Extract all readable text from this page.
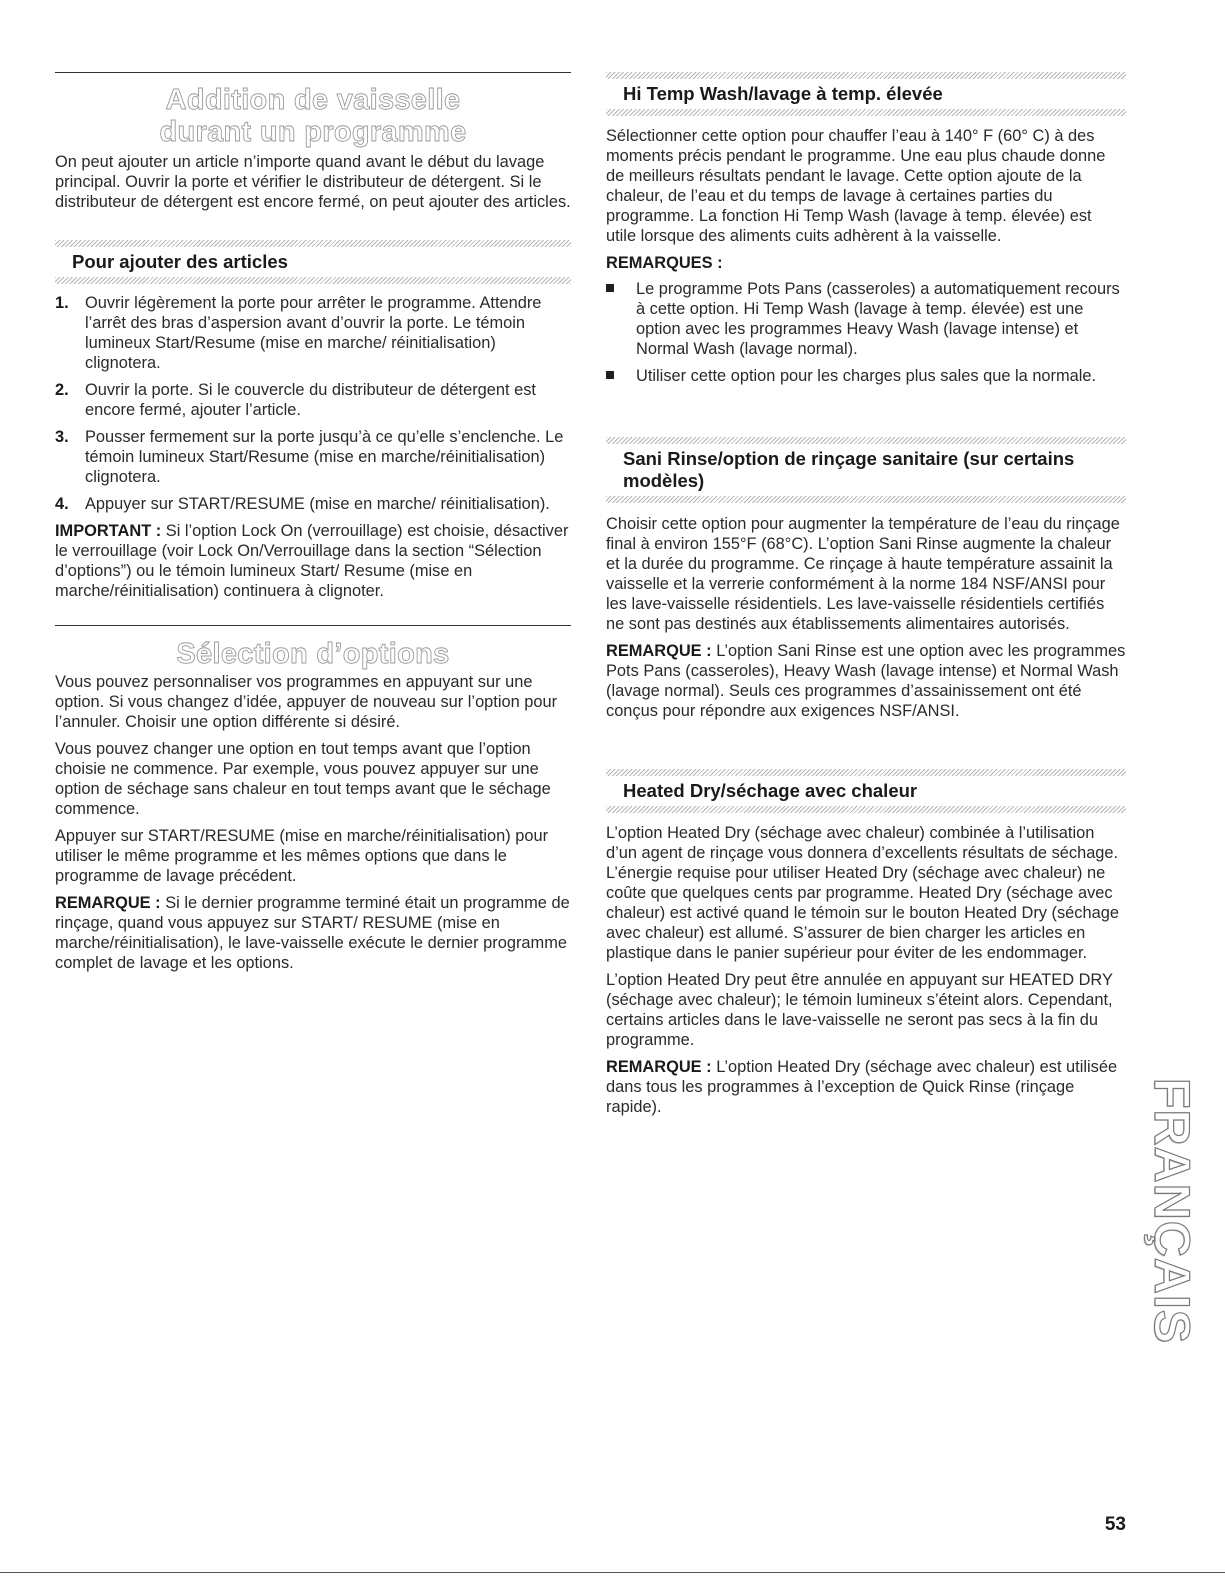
Addition de vaisselle
durant un programme

On peut ajouter un article n’importe quand avant le début du lavage principal. Ouvrir la porte et vérifier le distributeur de détergent. Si le distributeur de détergent est encore fermé, on peut ajouter des articles.

Pour ajouter des articles
1. Ouvrir légèrement la porte pour arrêter le programme. Attendre l’arrêt des bras d’aspersion avant d’ouvrir la porte. Le témoin lumineux Start/Resume (mise en marche/ réinitialisation) clignotera.
2. Ouvrir la porte. Si le couvercle du distributeur de détergent est encore fermé, ajouter l’article.
3. Pousser fermement sur la porte jusqu’à ce qu’elle s’enclenche. Le témoin lumineux Start/Resume (mise en marche/réinitialisation) clignotera.
4. Appuyer sur START/RESUME (mise en marche/ réinitialisation).

IMPORTANT : Si l’option Lock On (verrouillage) est choisie, désactiver le verrouillage (voir Lock On/Verrouillage dans la section “Sélection d’options”) ou le témoin lumineux Start/ Resume (mise en marche/réinitialisation) continuera à clignoter.

Sélection d’options

Vous pouvez personnaliser vos programmes en appuyant sur une option. Si vous changez d’idée, appuyer de nouveau sur l’option pour l’annuler. Choisir une option différente si désiré.

Vous pouvez changer une option en tout temps avant que l’option choisie ne commence. Par exemple, vous pouvez appuyer sur une option de séchage sans chaleur en tout temps avant que le séchage commence.

Appuyer sur START/RESUME (mise en marche/réinitialisation) pour utiliser le même programme et les mêmes options que dans le programme de lavage précédent.

REMARQUE : Si le dernier programme terminé était un programme de rinçage, quand vous appuyez sur START/ RESUME (mise en marche/réinitialisation), le lave-vaisselle exécute le dernier programme complet de lavage et les options.

Hi Temp Wash/lavage à temp. élevée

Sélectionner cette option pour chauffer l’eau à 140° F (60° C) à des moments précis pendant le programme. Une eau plus chaude donne de meilleurs résultats pendant le lavage. Cette option ajoute de la chaleur, de l’eau et du temps de lavage à certaines parties du programme. La fonction Hi Temp Wash (lavage à temp. élevée) est utile lorsque des aliments cuits adhèrent à la vaisselle.

REMARQUES :

Le programme Pots Pans (casseroles) a automatiquement recours à cette option. Hi Temp Wash (lavage à temp. élevée) est une option avec les programmes Heavy Wash (lavage intense) et Normal Wash (lavage normal).
Utiliser cette option pour les charges plus sales que la normale.
Sani Rinse/option de rinçage sanitaire (sur certains modèles)

Choisir cette option pour augmenter la température de l’eau du rinçage final à environ 155°F (68°C). L’option Sani Rinse augmente la chaleur et la durée du programme. Ce rinçage à haute température assainit la vaisselle et la verrerie conformément à la norme 184 NSF/ANSI pour les lave-vaisselle résidentiels. Les lave-vaisselle résidentiels certifiés ne sont pas destinés aux établissements alimentaires autorisés.

REMARQUE : L’option Sani Rinse est une option avec les programmes Pots Pans (casseroles), Heavy Wash (lavage intense) et Normal Wash (lavage normal). Seuls ces programmes d’assainissement ont été conçus pour répondre aux exigences NSF/ANSI.

Heated Dry/séchage avec chaleur

L’option Heated Dry (séchage avec chaleur) combinée à l’utilisation d’un agent de rinçage vous donnera d’excellents résultats de séchage. L’énergie requise pour utiliser Heated Dry (séchage avec chaleur) ne coûte que quelques cents par programme. Heated Dry (séchage avec chaleur) est activé quand le témoin sur le bouton Heated Dry (séchage avec chaleur) est allumé. S’assurer de bien charger les articles en plastique dans le panier supérieur pour éviter de les endommager.

L’option Heated Dry peut être annulée en appuyant sur HEATED DRY (séchage avec chaleur); le témoin lumineux s’éteint alors. Cependant, certains articles dans le lave-vaisselle ne seront pas secs à la fin du programme.

REMARQUE : L’option Heated Dry (séchage avec chaleur) est utilisée dans tous les programmes à l’exception de Quick Rinse (rinçage rapide).	FRANÇAIS
53
